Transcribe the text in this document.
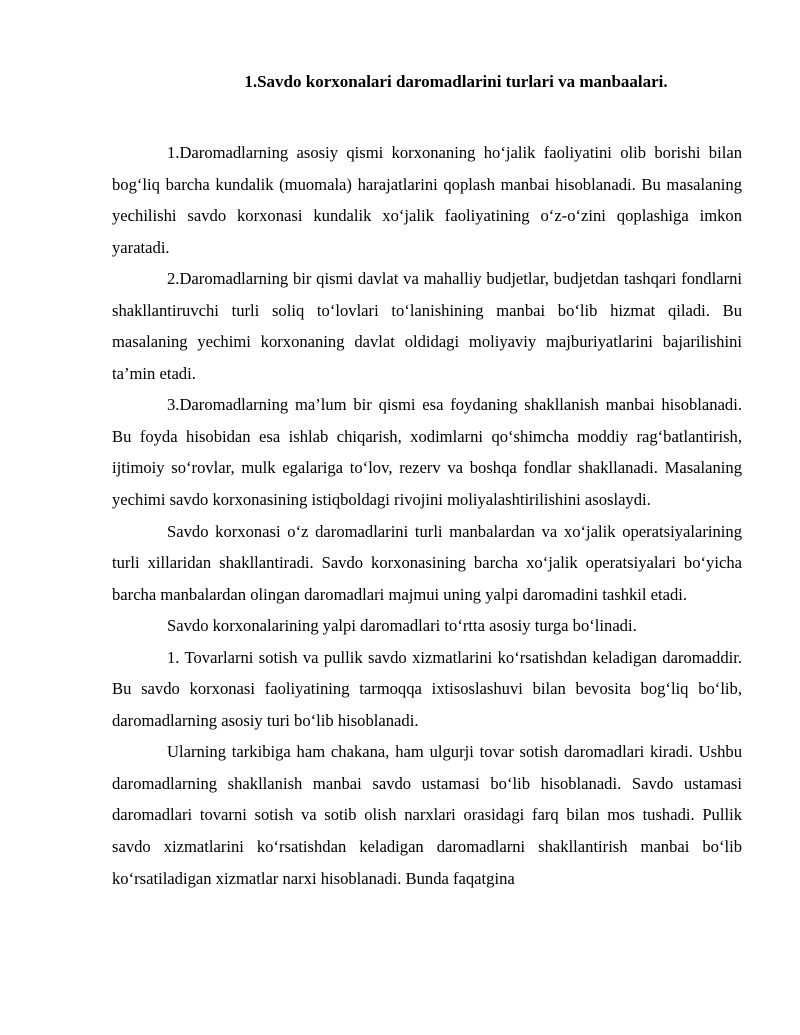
1.Savdo korxonalari daromadlarini turlari va manbaalari.

1.Daromadlarning asosiy qismi korxonaning ho‘jalik faoliyatini olib borishi bilan bog‘liq barcha kundalik (muomala) harajatlarini qoplash manbai hisoblanadi. Bu masalaning yechilishi savdo korxonasi kundalik xo‘jalik faoliyatining o‘z-o‘zini qoplashiga imkon yaratadi.

2.Daromadlarning bir qismi davlat va mahalliy budjetlar, budjetdan tashqari fondlarni shakllantiruvchi turli soliq to‘lovlari to‘lanishining manbai bo‘lib hizmat qiladi. Bu masalaning yechimi korxonaning davlat oldidagi moliyaviy majburiyatlarini bajarilishini ta’min etadi.

3.Daromadlarning ma’lum bir qismi esa foydaning shakllanish manbai hisoblanadi. Bu foyda hisobidan esa ishlab chiqarish, xodimlarni qo‘shimcha moddiy rag‘batlantirish, ijtimoiy so‘rovlar, mulk egalariga to‘lov, rezerv va boshqa fondlar shakllanadi. Masalaning yechimi savdo korxonasining istiqboldagi rivojini moliyalashtirilishini asoslaydi.

Savdo korxonasi o‘z daromadlarini turli manbalardan va xo‘jalik operatsiyalarining turli xillaridan shakllantiradi. Savdo korxonasining barcha xo‘jalik operatsiyalari bo‘yicha barcha manbalardan olingan daromadlari majmui uning yalpi daromadini tashkil etadi.

Savdo korxonalarining yalpi daromadlari to‘rtta asosiy turga bo‘linadi.

1. Tovarlarni sotish va pullik savdo xizmatlarini ko‘rsatishdan keladigan daromaddir. Bu savdo korxonasi faoliyatining tarmoqqa ixtisoslashuvi bilan bevosita bog‘liq bo‘lib, daromadlarning asosiy turi bo‘lib hisoblanadi.

Ularning tarkibiga ham chakana, ham ulgurji tovar sotish daromadlari kiradi. Ushbu daromadlarning shakllanish manbai savdo ustamasi bo‘lib hisoblanadi. Savdo ustamasi daromadlari tovarni sotish va sotib olish narxlari orasidagi farq bilan mos tushadi. Pullik savdo xizmatlarini ko‘rsatishdan keladigan daromadlarni shakllantirish manbai bo‘lib ko‘rsatiladigan xizmatlar narxi hisoblanadi. Bunda faqatgina
